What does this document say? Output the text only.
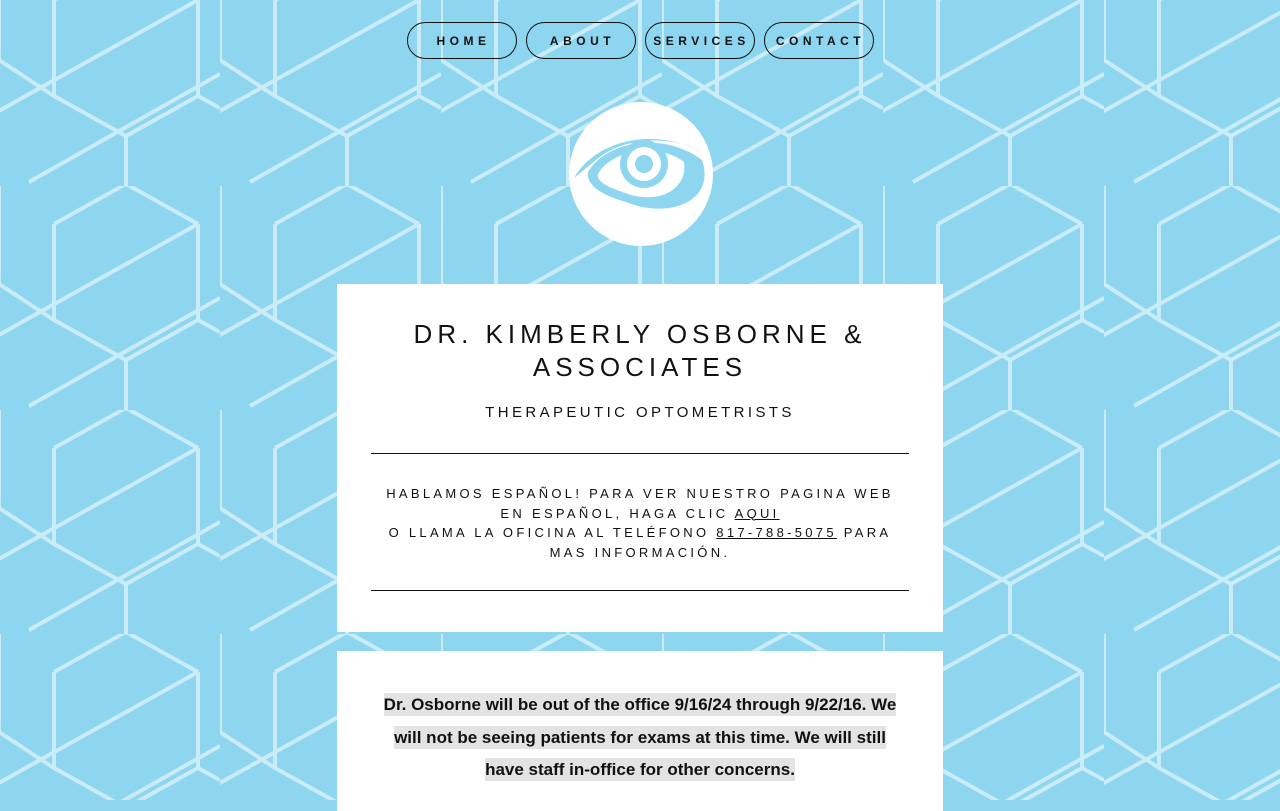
HOME	ABOUT	SERVICES	CONTACT
DR. KIMBERLY OSBORNE & ASSOCIATES
THERAPEUTIC OPTOMETRISTS

HABLAMOS ESPAÑOL! PARA VER NUESTRO PAGINA WEB EN ESPAÑOL, HAGA CLIC AQUI
O LLAMA LA OFICINA AL TELÉFONO 817-788-5075 PARA MAS INFORMACIÓN.

Dr. Osborne will be out of the office 9/16/24 through 9/22/16. We will not be seeing patients for exams at this time. We will still have staff in-office for other concerns.
